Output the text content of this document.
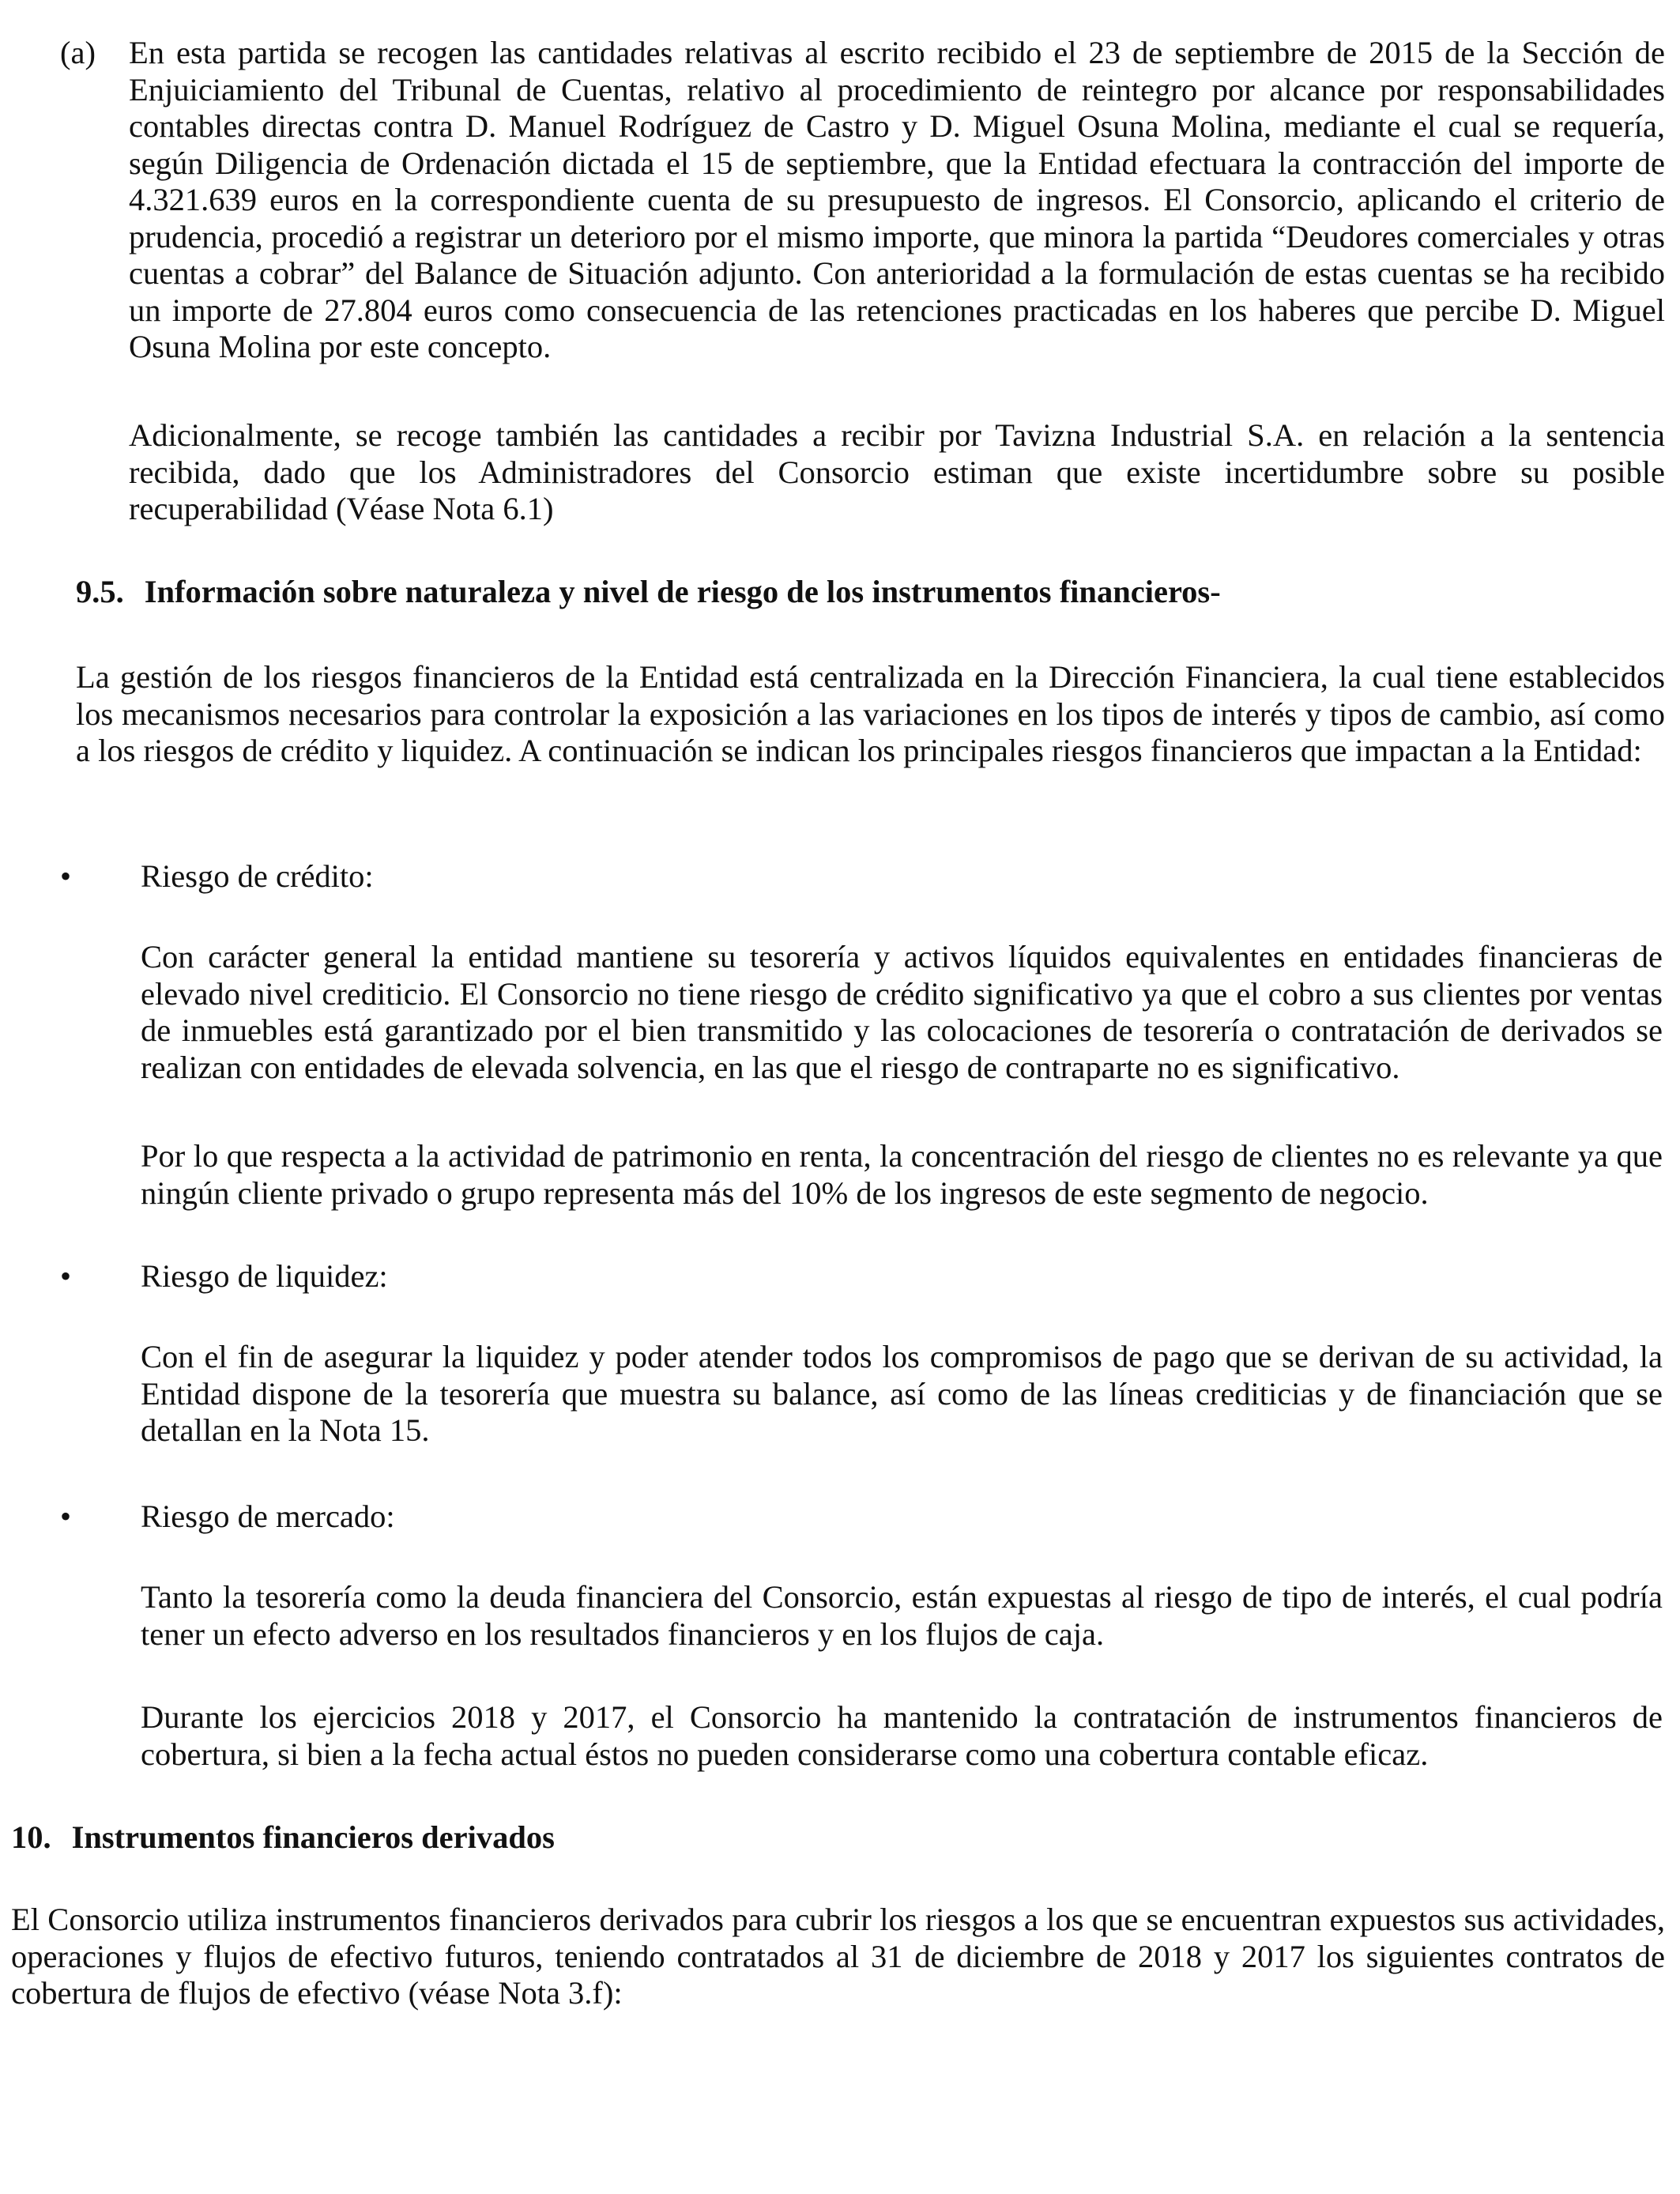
(a) En esta partida se recogen las cantidades relativas al escrito recibido el 23 de septiembre de 2015 de la Sección de Enjuiciamiento del Tribunal de Cuentas, relativo al procedimiento de reintegro por alcance por responsabilidades contables directas contra D. Manuel Rodríguez de Castro y D. Miguel Osuna Molina, mediante el cual se requería, según Diligencia de Ordenación dictada el 15 de septiembre, que la Entidad efectuara la contracción del importe de 4.321.639 euros en la correspondiente cuenta de su presupuesto de ingresos. El Consorcio, aplicando el criterio de prudencia, procedió a registrar un deterioro por el mismo importe, que minora la partida “Deudores comerciales y otras cuentas a cobrar” del Balance de Situación adjunto. Con anterioridad a la formulación de estas cuentas se ha recibido un importe de 27.804 euros como consecuencia de las retenciones practicadas en los haberes que percibe D. Miguel Osuna Molina por este concepto.

Adicionalmente, se recoge también las cantidades a recibir por Tavizna Industrial S.A. en relación a la sentencia recibida, dado que los Administradores del Consorcio estiman que existe incertidumbre sobre su posible recuperabilidad (Véase Nota 6.1)

9.5. Información sobre naturaleza y nivel de riesgo de los instrumentos financieros-

La gestión de los riesgos financieros de la Entidad está centralizada en la Dirección Financiera, la cual tiene establecidos los mecanismos necesarios para controlar la exposición a las variaciones en los tipos de interés y tipos de cambio, así como a los riesgos de crédito y liquidez. A continuación se indican los principales riesgos financieros que impactan a la Entidad:

• Riesgo de crédito:

Con carácter general la entidad mantiene su tesorería y activos líquidos equivalentes en entidades financieras de elevado nivel crediticio. El Consorcio no tiene riesgo de crédito significativo ya que el cobro a sus clientes por ventas de inmuebles está garantizado por el bien transmitido y las colocaciones de tesorería o contratación de derivados se realizan con entidades de elevada solvencia, en las que el riesgo de contraparte no es significativo.

Por lo que respecta a la actividad de patrimonio en renta, la concentración del riesgo de clientes no es relevante ya que ningún cliente privado o grupo representa más del 10% de los ingresos de este segmento de negocio.

• Riesgo de liquidez:

Con el fin de asegurar la liquidez y poder atender todos los compromisos de pago que se derivan de su actividad, la Entidad dispone de la tesorería que muestra su balance, así como de las líneas crediticias y de financiación que se detallan en la Nota 15.

• Riesgo de mercado:

Tanto la tesorería como la deuda financiera del Consorcio, están expuestas al riesgo de tipo de interés, el cual podría tener un efecto adverso en los resultados financieros y en los flujos de caja.

Durante los ejercicios 2018 y 2017, el Consorcio ha mantenido la contratación de instrumentos financieros de cobertura, si bien a la fecha actual éstos no pueden considerarse como una cobertura contable eficaz.

10. Instrumentos financieros derivados

El Consorcio utiliza instrumentos financieros derivados para cubrir los riesgos a los que se encuentran expuestos sus actividades, operaciones y flujos de efectivo futuros, teniendo contratados al 31 de diciembre de 2018 y 2017 los siguientes contratos de cobertura de flujos de efectivo (véase Nota 3.f):
